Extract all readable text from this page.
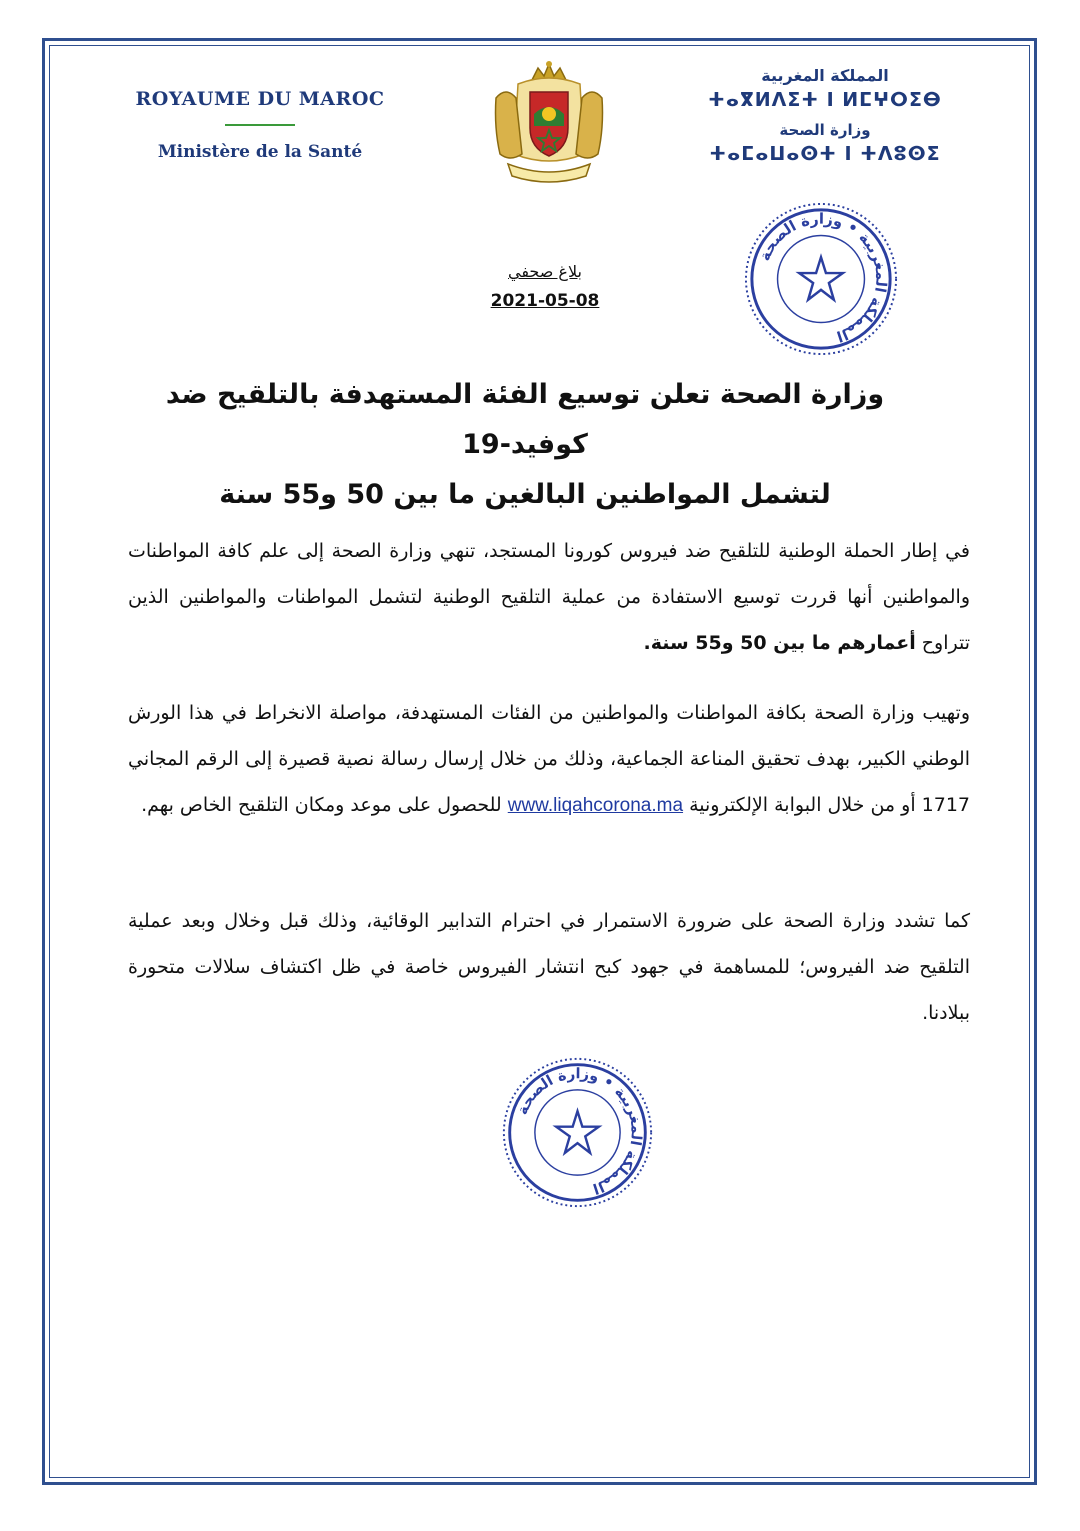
ROYAUME DU MAROC
Ministère de la Santé
المملكة المغربية
ⵜⴰⴳⵍⴷⵉⵜ ⵏ ⵍⵎⵖⵔⵉⴱ
وزارة الصحة
ⵜⴰⵎⴰⵡⴰⵙⵜ ⵏ ⵜⴷⵓⵙⵉ
المملكة المغربية • وزارة الصحة
بلاغ صحفي
2021-05-08
وزارة الصحة تعلن توسيع الفئة المستهدفة بالتلقيح ضد كوفيد-19
لتشمل المواطنين البالغين ما بين 50 و55 سنة
في إطار الحملة الوطنية للتلقيح ضد فيروس كورونا المستجد، تنهي وزارة الصحة إلى علم كافة المواطنات والمواطنين أنها قررت توسيع الاستفادة من عملية التلقيح الوطنية لتشمل المواطنات والمواطنين الذين تتراوح أعمارهم ما بين 50 و55 سنة.
وتهيب وزارة الصحة بكافة المواطنات والمواطنين من الفئات المستهدفة، مواصلة الانخراط في هذا الورش الوطني الكبير، بهدف تحقيق المناعة الجماعية، وذلك من خلال إرسال رسالة نصية قصيرة إلى الرقم المجاني 1717 أو من خلال البوابة الإلكترونية www.liqahcorona.ma للحصول على موعد ومكان التلقيح الخاص بهم.
كما تشدد وزارة الصحة على ضرورة الاستمرار في احترام التدابير الوقائية، وذلك قبل وخلال وبعد عملية التلقيح ضد الفيروس؛ للمساهمة في جهود كبح انتشار الفيروس خاصة في ظل اكتشاف سلالات متحورة ببلادنا.
المملكة المغربية • وزارة الصحة
